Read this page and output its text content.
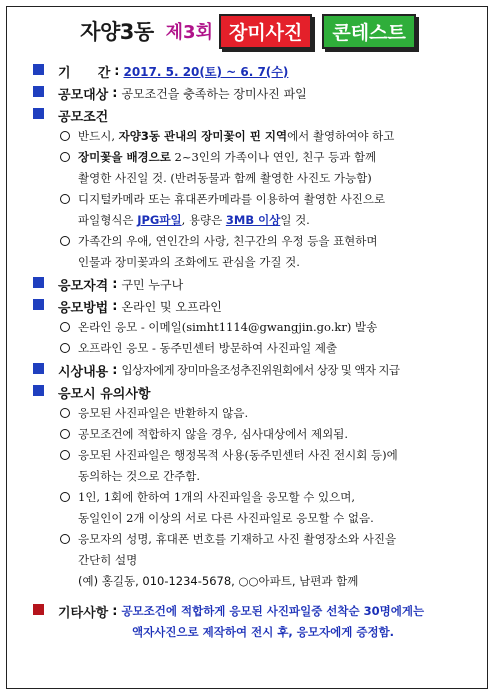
자양3동 제3회 장미사진	콘테스트
기      간 : 2017. 5. 20(토) ~ 6. 7(수)
공모대상 : 공모조건을 충족하는 장미사진 파일
공모조건
반드시, 자양3동 관내의 장미꽃이 핀 지역에서 촬영하여야 하고
장미꽃을 배경으로 2~3인의 가족이나 연인, 친구 등과 함께
촬영한 사진일 것. (반려동물과 함께 촬영한 사진도 가능함)
디지털카메라 또는 휴대폰카메라를 이용하여 촬영한 사진으로
파일형식은 JPG파일, 용량은 3MB 이상일 것.
가족간의 우애, 연인간의 사랑, 친구간의 우정 등을 표현하며
인물과 장미꽃과의 조화에도 관심을 가질 것.
응모자격 : 구민 누구나
응모방법 : 온라인 및 오프라인
온라인 응모 - 이메일(simht1114@gwangjin.go.kr) 발송
오프라인 응모 - 동주민센터 방문하여 사진파일 제출
시상내용 : 입상자에게 장미마을조성추진위원회에서 상장 및 액자 지급
응모시 유의사항
응모된 사진파일은 반환하지 않음.
공모조건에 적합하지 않을 경우, 심사대상에서 제외됨.
응모된 사진파일은 행정목적 사용(동주민센터 사진 전시회 등)에
동의하는 것으로 간주함.
1인, 1회에 한하여 1개의 사진파일을 응모할 수 있으며,
동일인이 2개 이상의 서로 다른 사진파일로 응모할 수 없음.
응모자의 성명, 휴대폰 번호를 기재하고 사진 촬영장소와 사진을
간단히 설명
(예) 홍길동, 010-1234-5678, ○○아파트, 남편과 함께
기타사항 : 공모조건에 적합하게 응모된 사진파일중 선착순 30명에게는
액자사진으로 제작하여 전시 후, 응모자에게 증정함.
